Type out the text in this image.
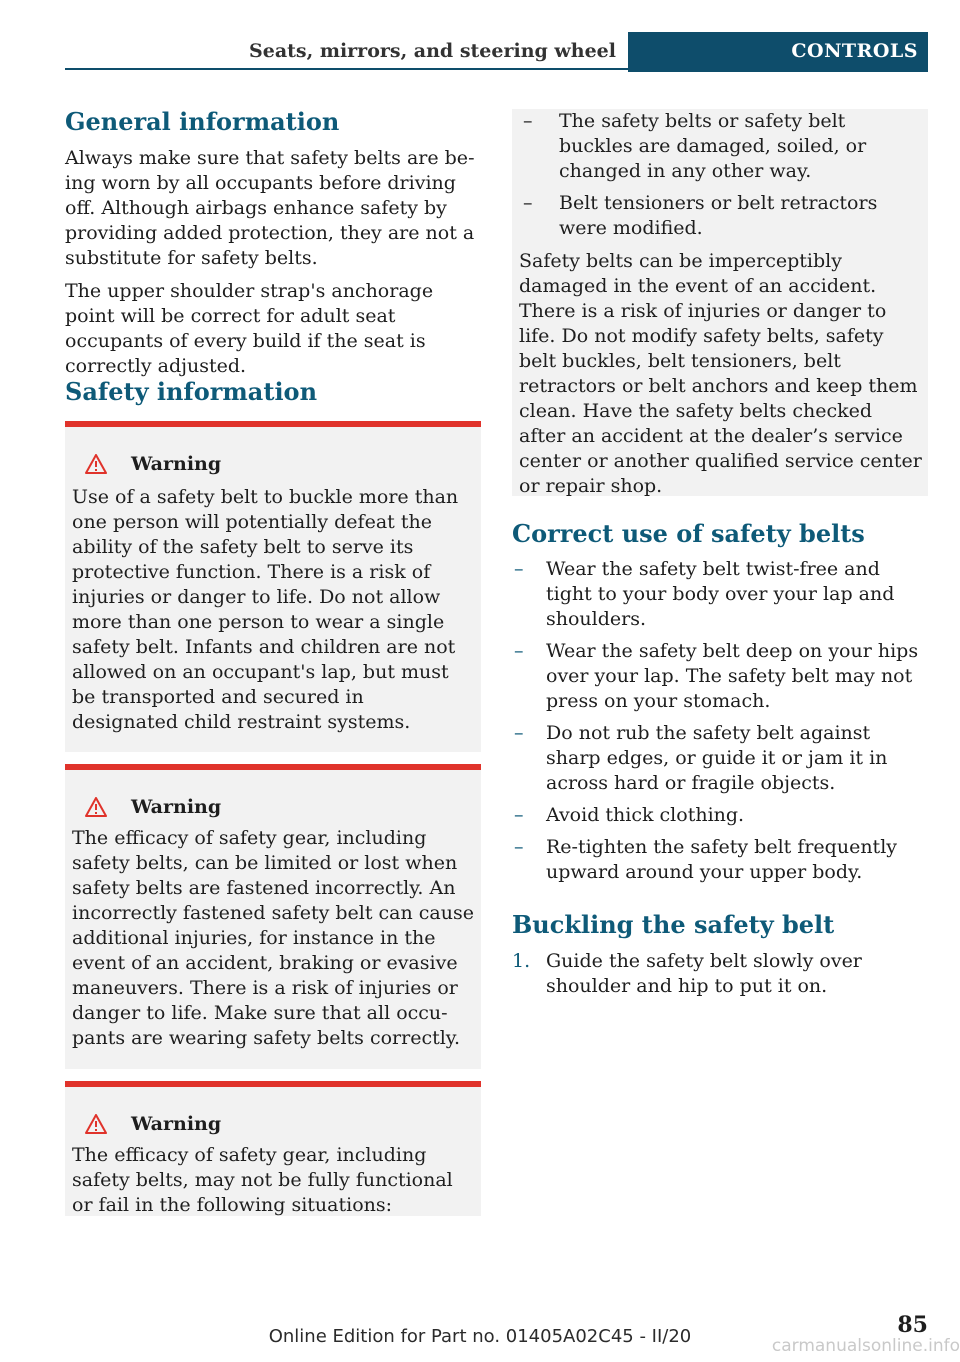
Seats, mirrors, and steering wheel	CONTROLS
General information

Always make sure that safety belts are being worn by all occupants before driving off. Although airbags enhance safety by providing added protection, they are not a substitute for safety belts.

The upper shoulder strap's anchorage point will be correct for adult seat occupants of every build if the seat is correctly adjusted.

Safety information
Warning

Use of a safety belt to buckle more than one person will potentially defeat the ability of the safety belt to serve its protective function. There is a risk of injuries or danger to life. Do not allow more than one person to wear a single safety belt. Infants and children are not allowed on an occupant's lap, but must be transported and secured in designated child restraint systems.

Warning

The efficacy of safety gear, including safety belts, can be limited or lost when safety belts are fastened incorrectly. An incorrectly fastened safety belt can cause additional injuries, for instance in the event of an accident, braking or evasive maneuvers. There is a risk of injuries or danger to life. Make sure that all occupants are wearing safety belts correctly.

Warning

The efficacy of safety gear, including safety belts, may not be fully functional or fail in the following situations:

– The safety belts or safety belt buckles are damaged, soiled, or changed in any other way.
– Belt tensioners or belt retractors were modified.

Safety belts can be imperceptibly damaged in the event of an accident. There is a risk of injuries or danger to life. Do not modify safety belts, safety belt buckles, belt tensioners, belt retractors or belt anchors and keep them clean. Have the safety belts checked after an accident at the dealer’s service center or another qualified service center or repair shop.

Correct use of safety belts
– Wear the safety belt twist-free and tight to your body over your lap and shoulders.
– Wear the safety belt deep on your hips over your lap. The safety belt may not press on your stomach.
– Do not rub the safety belt against sharp edges, or guide it or jam it in across hard or fragile objects.
– Avoid thick clothing.
– Re-tighten the safety belt frequently upward around your upper body.
Buckling the safety belt
1. Guide the safety belt slowly over shoulder and hip to put it on.
85
Online Edition for Part no. 01405A02C45 - II/20	carmanualsonline.info
